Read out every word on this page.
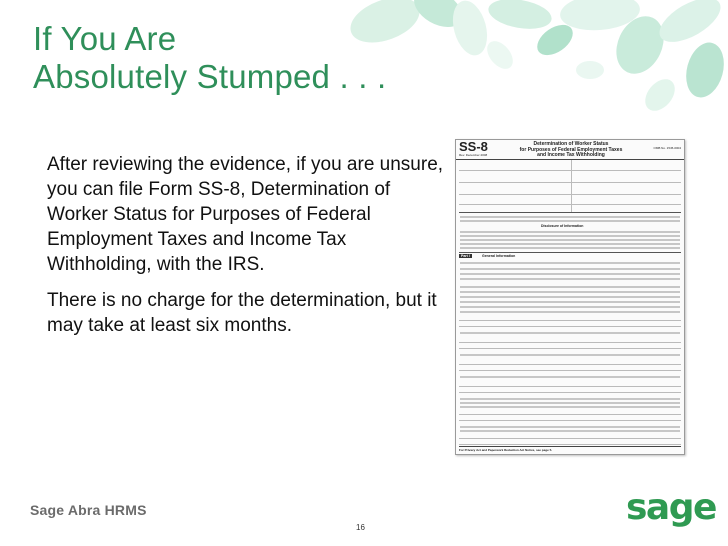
If You Are
Absolutely Stumped . . .

After reviewing the evidence, if you are unsure, you can file Form SS-8, Determination of Worker Status for Purposes of Federal Employment Taxes and Income Tax Withholding, with the IRS.

There is no charge for the determination, but it may take at least six months.

SS-8
Rev. December 2008
Determination of Worker Status
for Purposes of Federal Employment Taxes
and Income Tax Withholding
OMB No. 1545-0004
Disclosure of Information
Part I	General Information
For Privacy Act and Paperwork Reduction Act Notice, see page 5.
Sage Abra HRMS
16	sage
